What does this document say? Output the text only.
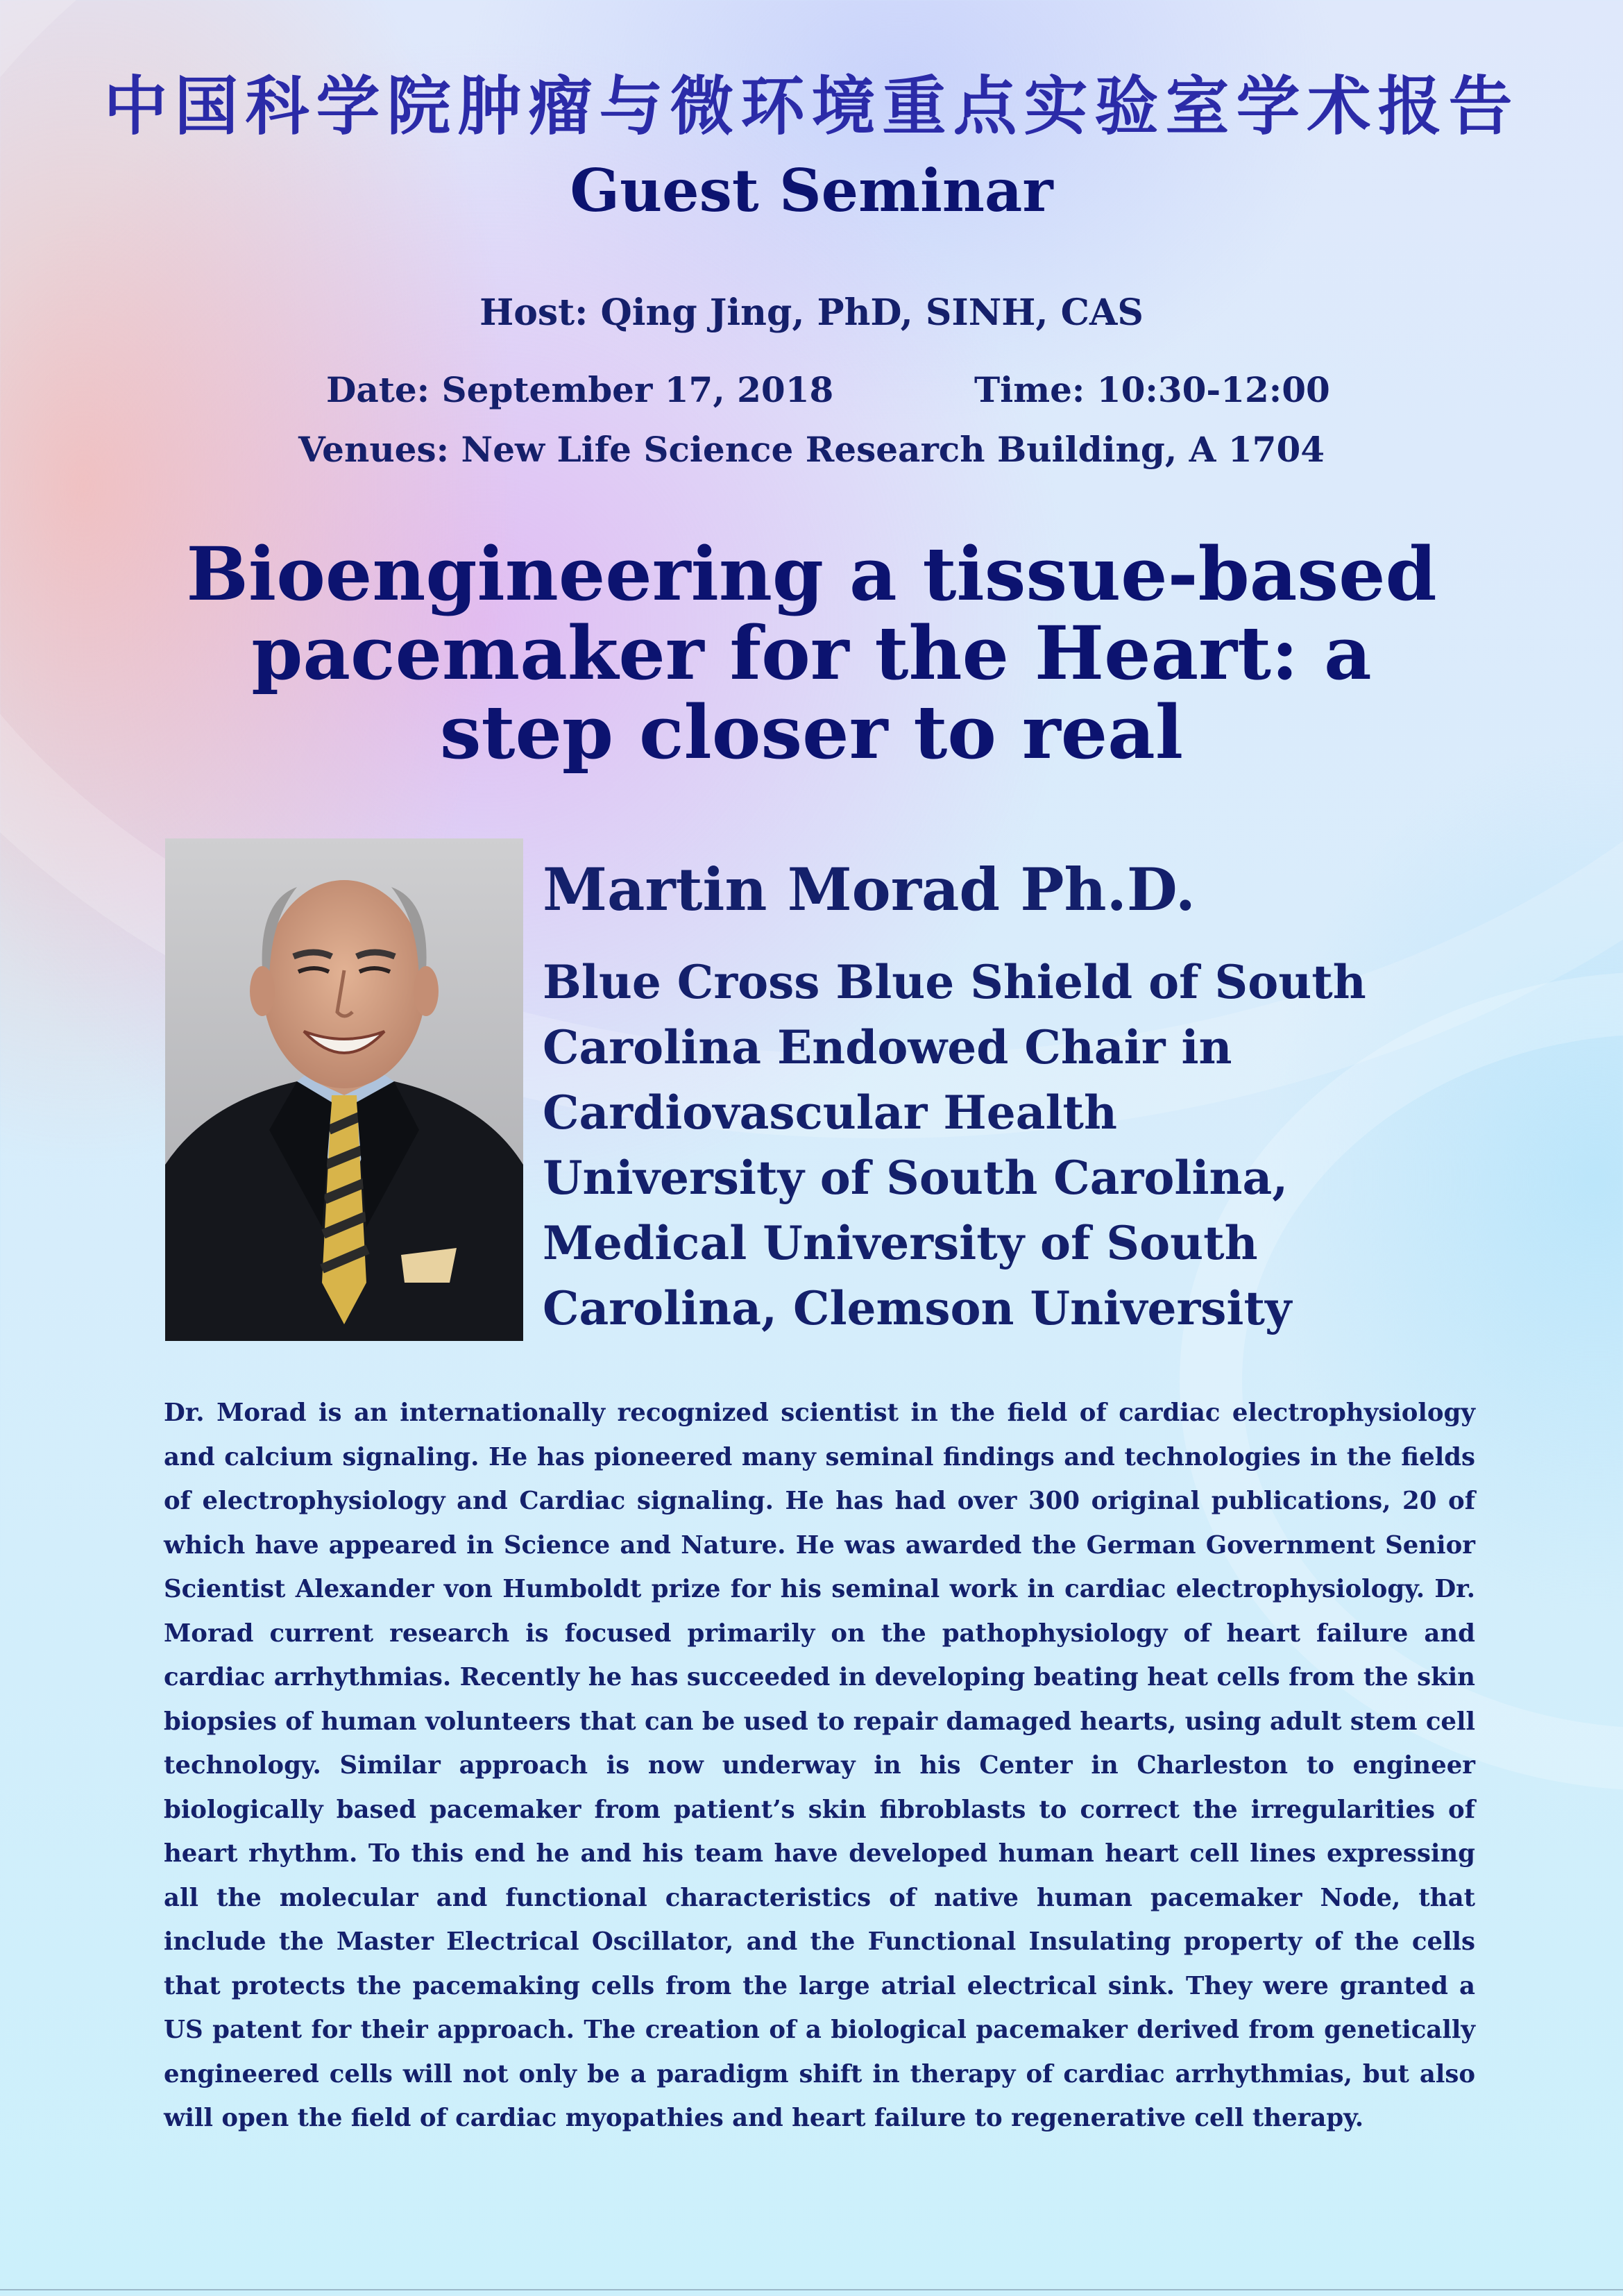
中国科学院肿瘤与微环境重点实验室学术报告
Guest Seminar
Host: Qing Jing, PhD, SINH, CAS
Date: September 17, 2018	Time: 10:30-12:00
Venues: New Life Science Research Building, A 1704
Bioengineering a tissue-based
pacemaker for the Heart: a
step closer to real
Martin Morad Ph.D.
Blue Cross Blue Shield of South
Carolina Endowed Chair in
Cardiovascular Health
University of South Carolina,
Medical University of South
Carolina, Clemson University
Dr. Morad is an internationally recognized scientist in the field of cardiac electrophysiology and calcium signaling. He has pioneered many seminal findings and technologies in the fields of electrophysiology and Cardiac signaling. He has had over 300 original publications, 20 of which have appeared in Science and Nature. He was awarded the German Government Senior Scientist Alexander von Humboldt prize for his seminal work in cardiac electrophysiology. Dr. Morad current research is focused primarily on the pathophysiology of heart failure and cardiac arrhythmias. Recently he has succeeded in developing beating heat cells from the skin biopsies of human volunteers that can be used to repair damaged hearts, using adult stem cell technology. Similar approach is now underway in his Center in Charleston to engineer biologically based pacemaker from patient’s skin fibroblasts to correct the irregularities of heart rhythm. To this end he and his team have developed human heart cell lines expressing all the molecular and functional characteristics of native human pacemaker Node, that include the Master Electrical Oscillator, and the Functional Insulating property of the cells that protects the pacemaking cells from the large atrial electrical sink. They were granted a US patent for their approach. The creation of a biological pacemaker derived from genetically engineered cells will not only be a paradigm shift in therapy of cardiac arrhythmias, but also will open the field of cardiac myopathies and heart failure to regenerative cell therapy.
